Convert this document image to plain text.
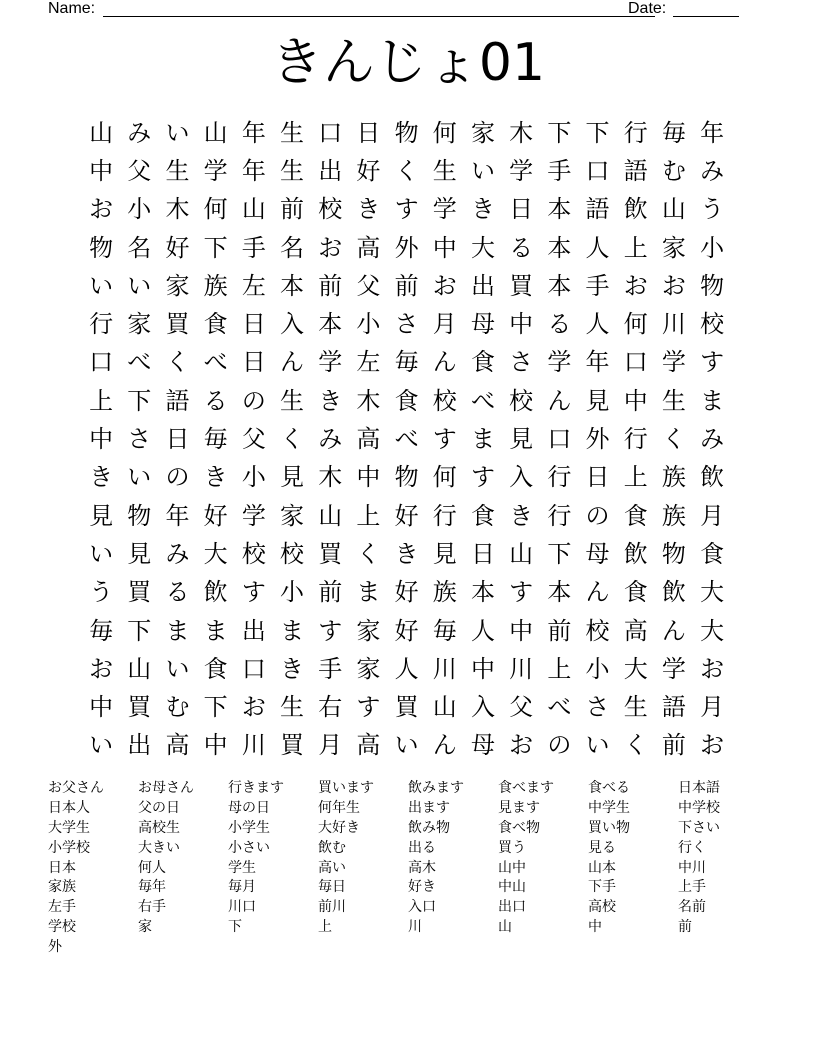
Name:	Date:
きんじょ01
山 み い 山 年 生 口 日 物 何 家 木 下 下 行 毎 年
中 父 生 学 年 生 出 好 く 生 い 学 手 口 語 む み
お 小 木 何 山 前 校 き す 学 き 日 本 語 飲 山 う
物 名 好 下 手 名 お 高 外 中 大 る 本 人 上 家 小
い い 家 族 左 本 前 父 前 お 出 買 本 手 お お 物
行 家 買 食 日 入 本 小 さ 月 母 中 る 人 何 川 校
口 べ く べ 日 ん 学 左 毎 ん 食 さ 学 年 口 学 す
上 下 語 る の 生 き 木 食 校 べ 校 ん 見 中 生 ま
中 さ 日 毎 父 く み 高 べ す ま 見 口 外 行 く み
き い の き 小 見 木 中 物 何 す 入 行 日 上 族 飲
見 物 年 好 学 家 山 上 好 行 食 き 行 の 食 族 月
い 見 み 大 校 校 買 く き 見 日 山 下 母 飲 物 食
う 買 る 飲 す 小 前 ま 好 族 本 す 本 ん 食 飲 大
毎 下 ま ま 出 ま す 家 好 毎 人 中 前 校 高 ん 大
お 山 い 食 口 き 手 家 人 川 中 川 上 小 大 学 お
中 買 む 下 お 生 右 す 買 山 入 父 べ さ 生 語 月
い 出 高 中 川 買 月 高 い ん 母 お の い く 前 お
お父さん	お母さん	行きます	買います	飲みます	食べます	食べる	日本語
日本人	父の日	母の日	何年生	出ます	見ます	中学生	中学校
大学生	高校生	小学生	大好き	飲み物	食べ物	買い物	下さい
小学校	大きい	小さい	飲む	出る	買う	見る	行く
日本	何人	学生	高い	高木	山中	山本	中川
家族	毎年	毎月	毎日	好き	中山	下手	上手
左手	右手	川口	前川	入口	出口	高校	名前
学校	家	下	上	川	山	中	前
外
